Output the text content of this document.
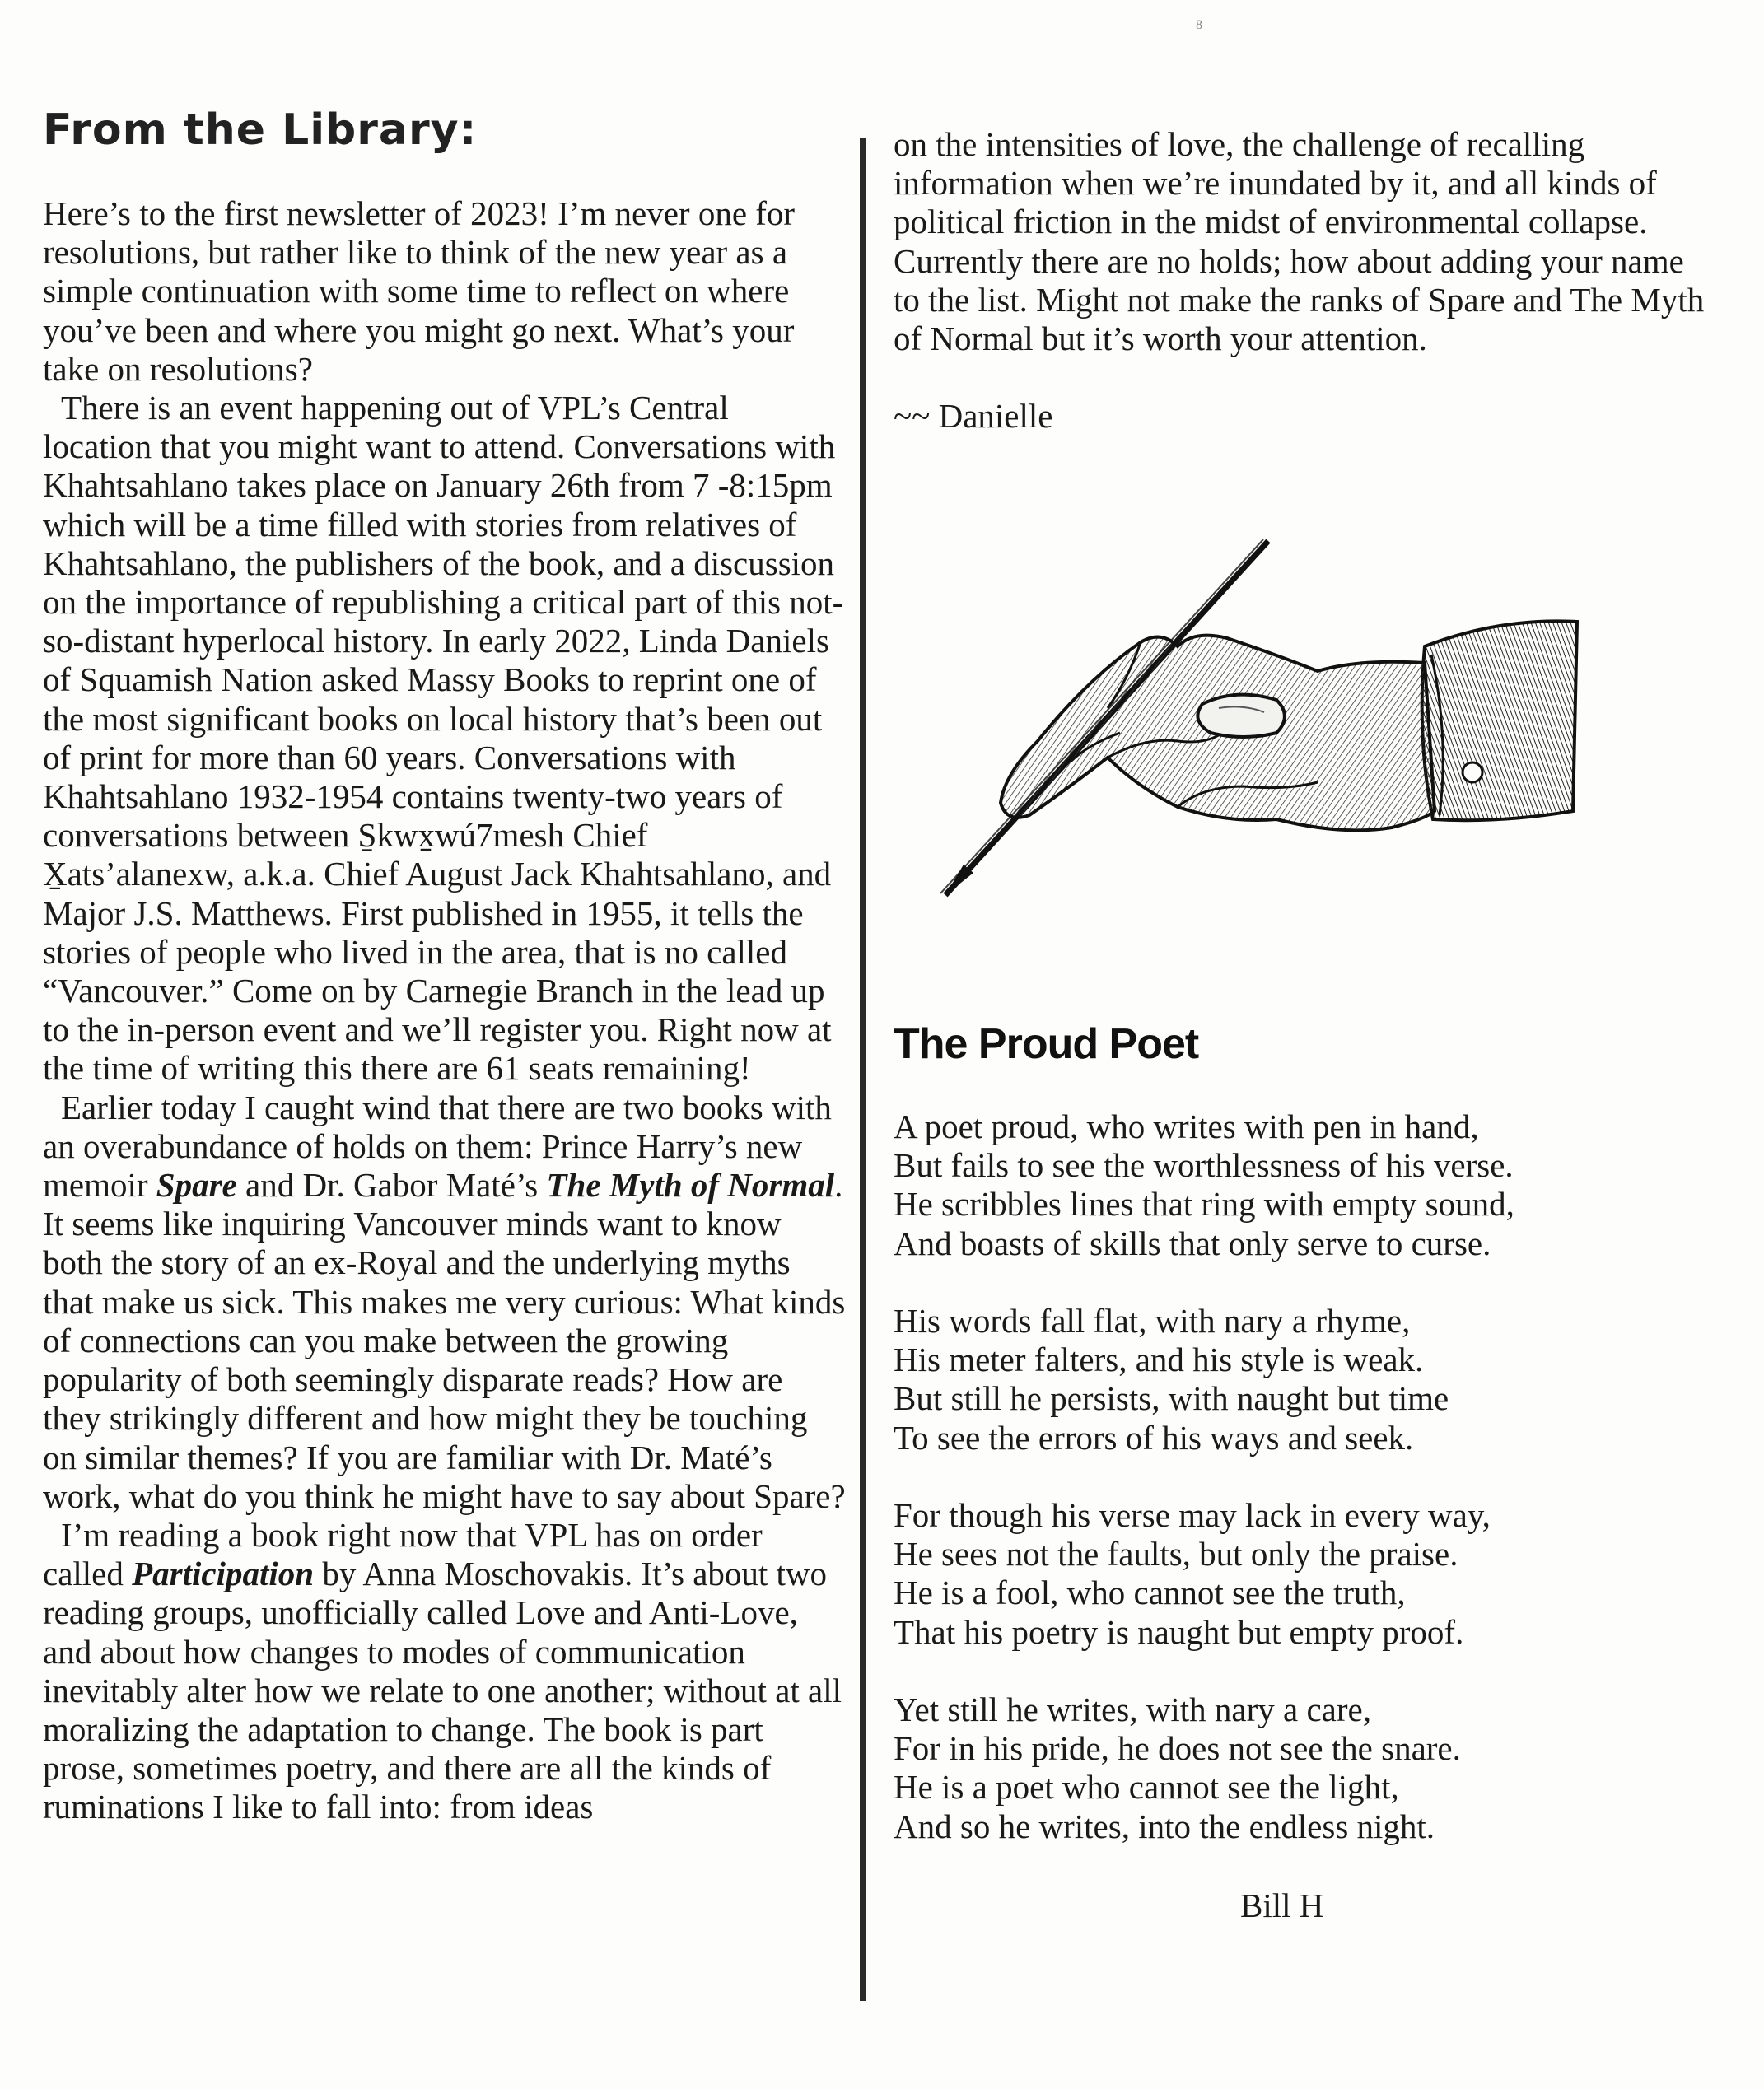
8
From the Library:

Here’s to the first newsletter of 2023! I’m never one for resolutions, but rather like to think of the new year as a simple continuation with some time to reflect on where you’ve been and where you might go next. What’s your take on resolutions?

There is an event happening out of VPL’s Central location that you might want to attend. Conversations with Khahtsahlano takes place on January 26th from 7 -8:15pm which will be a time filled with stories from relatives of Khahtsahlano, the publishers of the book, and a discussion on the importance of republishing a critical part of this not-so-distant hyperlocal history. In early 2022, Linda Daniels of Squamish Nation asked Massy Books to reprint one of the most significant books on local history that’s been out of print for more than 60 years. Conversations with Khahtsahlano 1932-1954 contains twenty-two years of conversations between S̱kwx̱wú7mesh Chief X̱ats’alanexw, a.k.a. Chief August Jack Khahtsahlano, and Major J.S. Matthews. First published in 1955, it tells the stories of people who lived in the area, that is no called “Vancouver.” Come on by Carnegie Branch in the lead up to the in-person event and we’ll register you. Right now at the time of writing this there are 61 seats remaining!

Earlier today I caught wind that there are two books with an overabundance of holds on them: Prince Harry’s new memoir Spare and Dr. Gabor Maté’s The Myth of Normal. It seems like inquiring Vancouver minds want to know both the story of an ex-Royal and the underlying myths that make us sick. This makes me very curious: What kinds of connections can you make between the growing popularity of both seemingly disparate reads? How are they strikingly different and how might they be touching on similar themes? If you are familiar with Dr. Maté’s work, what do you think he might have to say about Spare?

I’m reading a book right now that VPL has on order called Participation by Anna Moschovakis. It’s about two reading groups, unofficially called Love and Anti-Love, and about how changes to modes of communication inevitably alter how we relate to one another; without at all moralizing the adaptation to change. The book is part prose, sometimes poetry, and there are all the kinds of ruminations I like to fall into: from ideas

on the intensities of love, the challenge of recalling information when we’re inundated by it, and all kinds of political friction in the midst of environmental collapse. Currently there are no holds; how about adding your name to the list. Might not make the ranks of Spare and The Myth of Normal but it’s worth your attention.
~~ Danielle
The Proud Poet
A poet proud, who writes with pen in hand,
But fails to see the worthlessness of his verse.
He scribbles lines that ring with empty sound,
And boasts of skills that only serve to curse.
His words fall flat, with nary a rhyme,
His meter falters, and his style is weak.
But still he persists, with naught but time
To see the errors of his ways and seek.
For though his verse may lack in every way,
He sees not the faults, but only the praise.
He is a fool, who cannot see the truth,
That his poetry is naught but empty proof.
Yet still he writes, with nary a care,
For in his pride, he does not see the snare.
He is a poet who cannot see the light,
And so he writes, into the endless night.
Bill H
